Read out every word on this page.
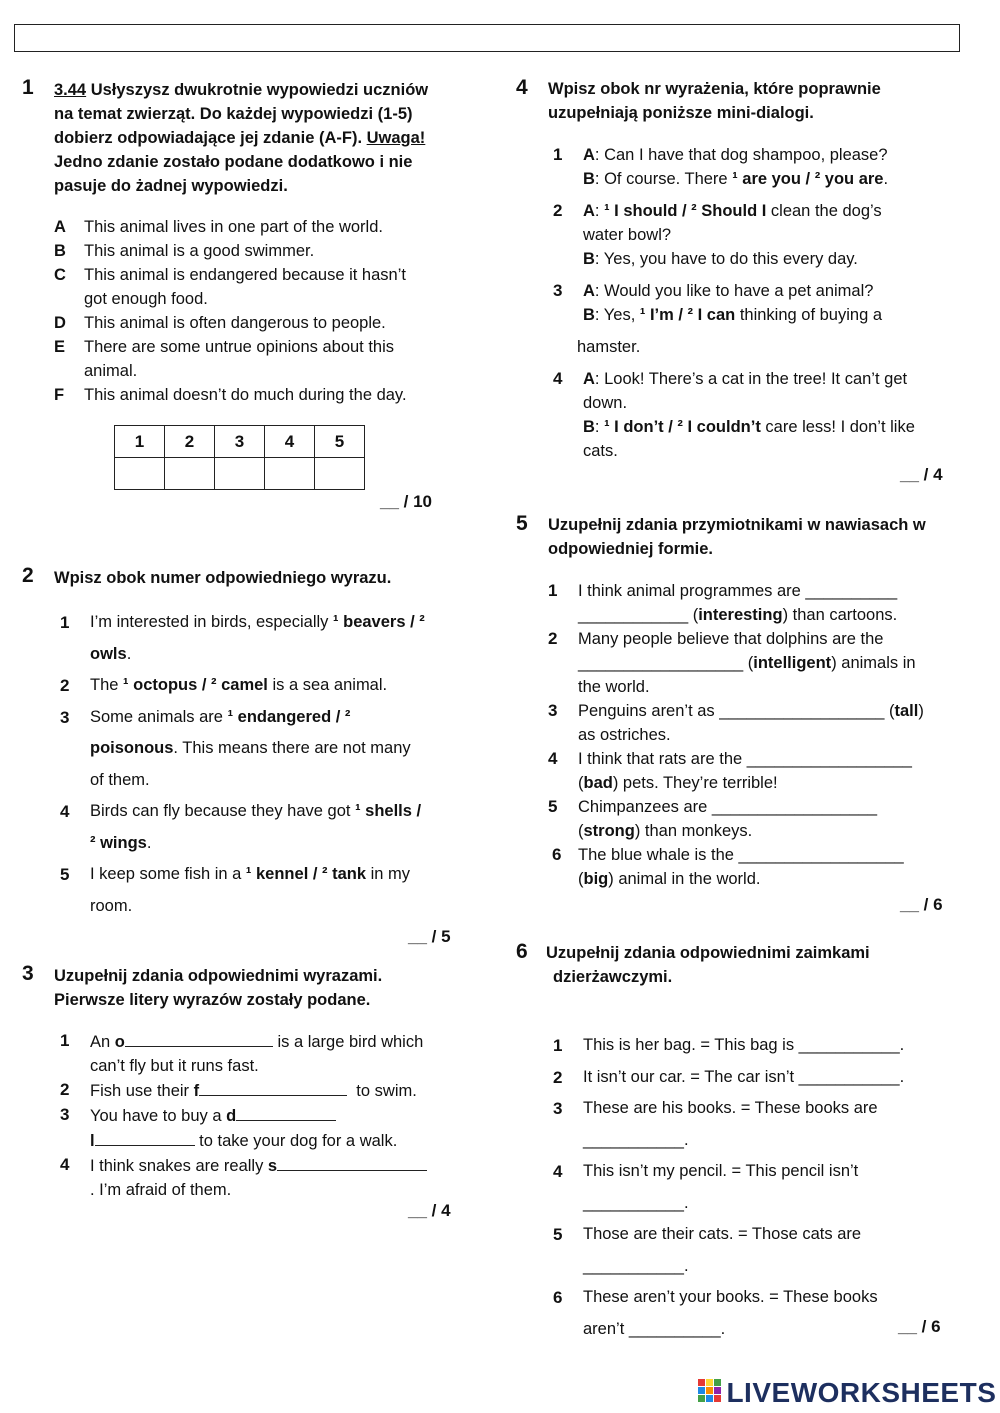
1 3.44 Usłyszysz dwukrotnie wypowiedzi uczniów
na temat zwierząt. Do każdej wypowiedzi (1-5)
dobierz odpowiadające jej zdanie (A-F). Uwaga!
Jedno zdanie zostało podane dodatkowo i nie
pasuje do żadnej wypowiedzi.
A This animal lives in one part of the world.
B This animal is a good swimmer.
C This animal is endangered because it hasn’t
got enough food.
D This animal is often dangerous to people.
E There are some untrue opinions about this
animal.
F This animal doesn’t do much during the day.
1	2	3	4	5

__ / 10
2 Wpisz obok numer odpowiedniego wyrazu.
1 I’m interested in birds, especially ¹ beavers / ²
owls.
2 The ¹ octopus / ² camel is a sea animal.
3 Some animals are ¹ endangered / ²
poisonous. This means there are not many
of them.
4 Birds can fly because they have got ¹ shells /
² wings.
5 I keep some fish in a ¹ kennel / ² tank in my
room.
__ / 5
3 Uzupełnij zdania odpowiednimi wyrazami.
Pierwsze litery wyrazów zostały podane.
1 An o	is a large bird which
can’t fly but it runs fast.
2 Fish use their f	to swim.
3 You have to buy a d
l	to take your dog for a walk.
4 I think snakes are really s
. I’m afraid of them.
__ / 4
4 Wpisz obok nr wyrażenia, które poprawnie
uzupełniają poniższe mini-dialogi.
1	A: Can I have that dog shampoo, please?
B: Of course. There ¹ are you / ² you are.
2	A: ¹ I should / ² Should I clean the dog’s
water bowl?
B: Yes, you have to do this every day.
3	A: Would you like to have a pet animal?
B: Yes, ¹ I’m / ² I can thinking of buying a
hamster.
4	A: Look! There’s a cat in the tree! It can’t get
down.
B: ¹ I don’t / ² I couldn’t care less! I don’t like
cats.
__ / 4
5 Uzupełnij zdania przymiotnikami w nawiasach w
odpowiedniej formie.
1 I think animal programmes are __________
____________ (interesting) than cartoons.
2 Many people believe that dolphins are the
__________________ (intelligent) animals in
the world.
3 Penguins aren’t as __________________ (tall)
as ostriches.
4 I think that rats are the __________________
(bad) pets. They’re terrible!
5 Chimpanzees are __________________
(strong) than monkeys.
6 The blue whale is the __________________
(big) animal in the world.
__ / 6
6 Uzupełnij zdania odpowiednimi zaimkami
dzierżawczymi.
1 This is her bag. = This bag is ___________.
2 It isn’t our car. = The car isn’t ___________.
3 These are his books. = These books are
___________.
4 This isn’t my pencil. = This pencil isn’t
___________.
5 Those are their cats. = Those cats are
___________.
6 These aren’t your books. = These books
aren’t __________.	__ / 6
LIVEWORKSHEETS
